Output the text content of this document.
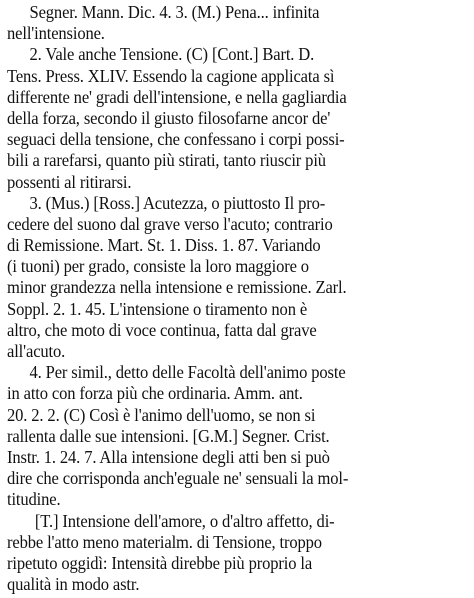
Segner. Mann. Dic. 4. 3. (M.) Pena... infinita
nell'intensione.
2. Vale anche Tensione. (C) [Cont.] Bart. D.
Tens. Press. XLIV. Essendo la cagione applicata sì
differente ne' gradi dell'intensione, e nella gagliardia
della forza, secondo il giusto filosofarne ancor de'
seguaci della tensione, che confessano i corpi possi-
bili a rarefarsi, quanto più stirati, tanto riuscir più
possenti al ritirarsi.
3. (Mus.) [Ross.] Acutezza, o piuttosto Il pro-
cedere del suono dal grave verso l'acuto; contrario
di Remissione. Mart. St. 1. Diss. 1. 87. Variando
(i tuoni) per grado, consiste la loro maggiore o
minor grandezza nella intensione e remissione. Zarl.
Soppl. 2. 1. 45. L'intensione o tiramento non è
altro, che moto di voce continua, fatta dal grave
all'acuto.
4. Per simil., detto delle Facoltà dell'animo poste
in atto con forza più che ordinaria. Amm. ant.
20. 2. 2. (C) Così è l'animo dell'uomo, se non si
rallenta dalle sue intensioni. [G.M.] Segner. Crist.
Instr. 1. 24. 7. Alla intensione degli atti ben si può
dire che corrisponda anch'eguale ne' sensuali la mol-
titudine.
[T.] Intensione dell'amore, o d'altro affetto, di-
rebbe l'atto meno materialm. di Tensione, troppo
ripetuto oggidì: Intensità direbbe più proprio la
qualità in modo astr.
